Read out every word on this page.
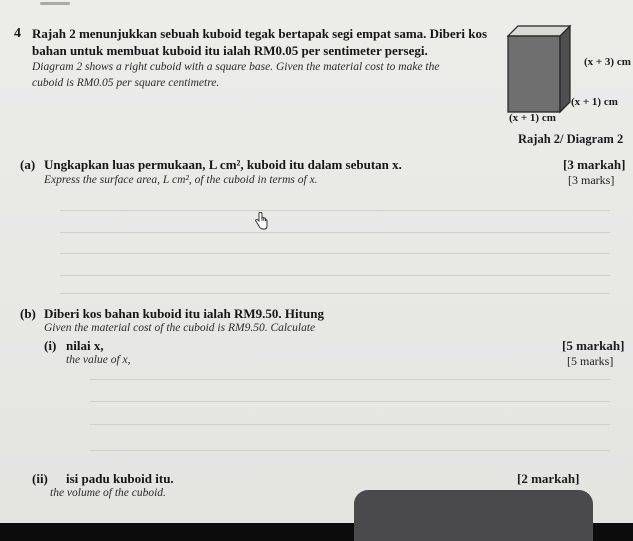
4 Rajah 2 menunjukkan sebuah kuboid tegak bertapak segi empat sama. Diberi kos
bahan untuk membuat kuboid itu ialah RM0.05 per sentimeter persegi.
Diagram 2 shows a right cuboid with a square base. Given the material cost to make the
cuboid is RM0.05 per square centimetre.
(x + 3) cm
(x + 1) cm
(x + 1) cm
Rajah 2/ Diagram 2
(a) Ungkapkan luas permukaan, L cm², kuboid itu dalam sebutan x.
Express the surface area, L cm², of the cuboid in terms of x.
[3 markah]
[3 marks]
(b) Diberi kos bahan kuboid itu ialah RM9.50. Hitung
Given the material cost of the cuboid is RM9.50. Calculate
(i) nilai x,
the value of x,
[5 markah]
[5 marks]
(ii) isi padu kuboid itu.
the volume of the cuboid.
[2 markah]
